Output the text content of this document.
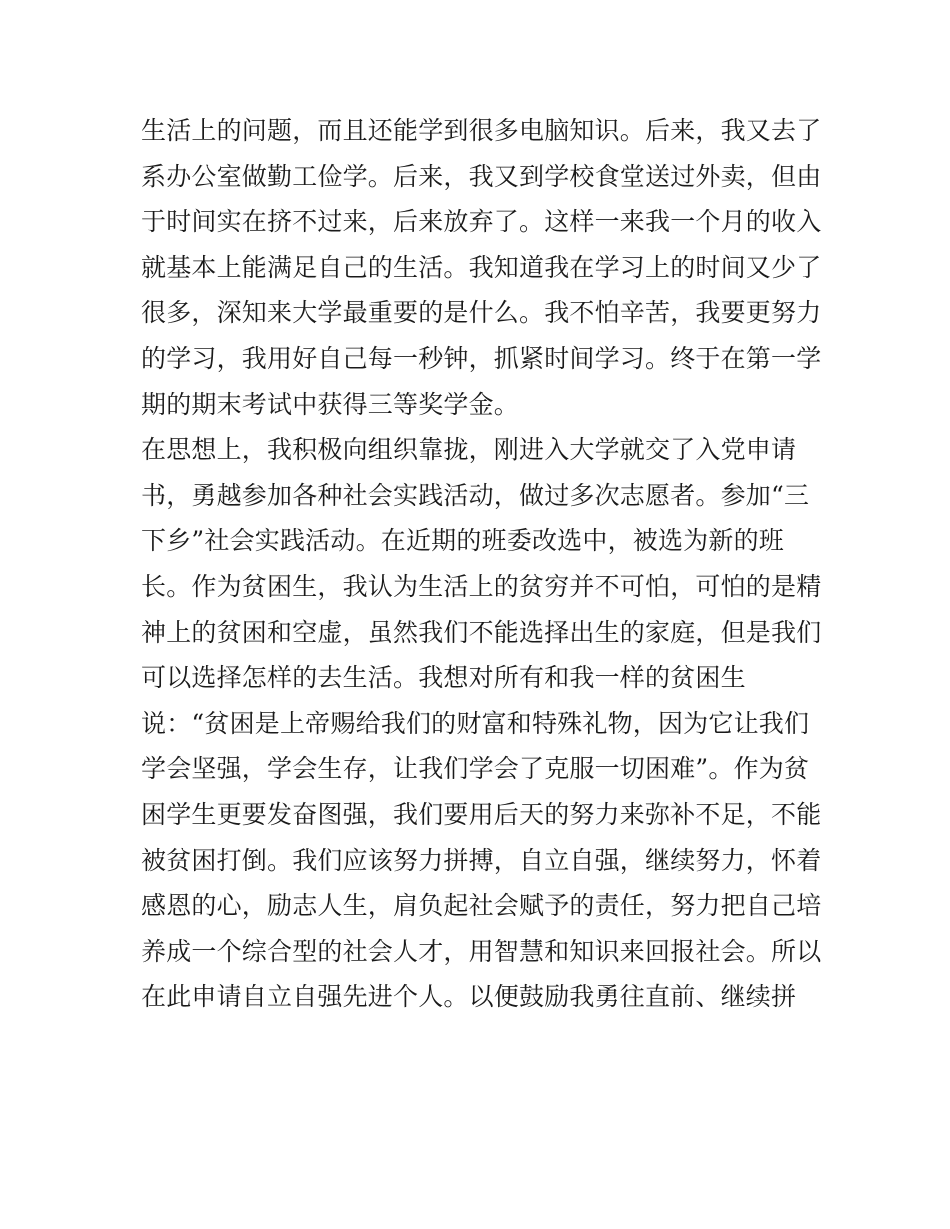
生活上的问题，而且还能学到很多电脑知识。后来，我又去了
系办公室做勤工俭学。后来，我又到学校食堂送过外卖，但由
于时间实在挤不过来，后来放弃了。这样一来我一个月的收入
就基本上能满足自己的生活。我知道我在学习上的时间又少了
很多，深知来大学最重要的是什么。我不怕辛苦，我要更努力
的学习，我用好自己每一秒钟，抓紧时间学习。终于在第一学
期的期末考试中获得三等奖学金。
在思想上，我积极向组织靠拢，刚进入大学就交了入党申请
书，勇越参加各种社会实践活动，做过多次志愿者。参加“三
下乡”社会实践活动。在近期的班委改选中，被选为新的班
长。作为贫困生，我认为生活上的贫穷并不可怕，可怕的是精
神上的贫困和空虚，虽然我们不能选择出生的家庭，但是我们
可以选择怎样的去生活。我想对所有和我一样的贫困生
说：“贫困是上帝赐给我们的财富和特殊礼物，因为它让我们
学会坚强，学会生存，让我们学会了克服一切困难”。作为贫
困学生更要发奋图强，我们要用后天的努力来弥补不足，不能
被贫困打倒。我们应该努力拼搏，自立自强，继续努力，怀着
感恩的心，励志人生，肩负起社会赋予的责任，努力把自己培
养成一个综合型的社会人才，用智慧和知识来回报社会。所以
在此申请自立自强先进个人。以便鼓励我勇往直前、继续拼
